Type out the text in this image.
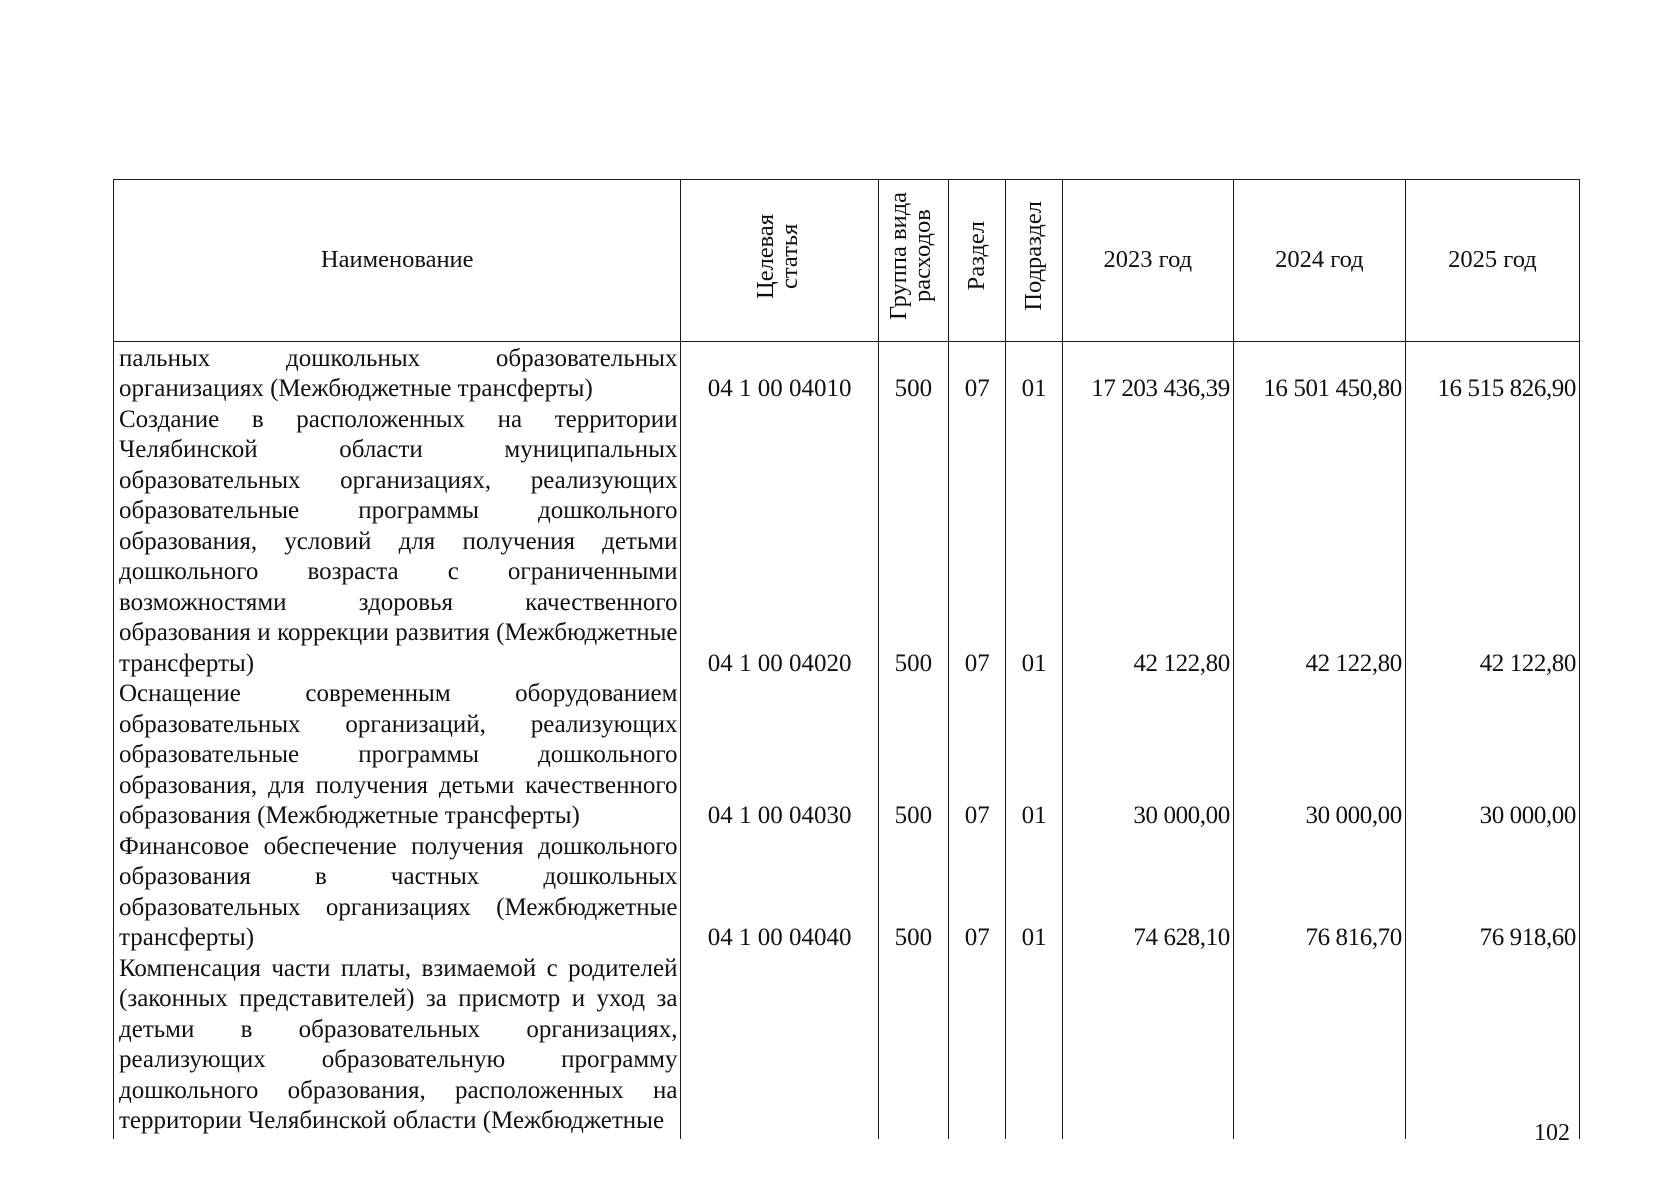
Наименование	Целевая статья	Группа вида расходов	Раздел	Подраздел	2023 год	2024 год	2025 год
пальных дошкольных образовательных организациях (Межбюджетные трансферты)	04 1 00 04010	500	07	01	17 203 436,39	16 501 450,80	16 515 826,90
Создание в расположенных на территории Челябинской области муниципальных образовательных организациях, реализующих образовательные программы дошкольного образования, условий для получения детьми дошкольного возраста с ограниченными возможностями здоровья качественного образования и коррекции развития (Межбюджетные трансферты)	04 1 00 04020	500	07	01	42 122,80	42 122,80	42 122,80
Оснащение современным оборудованием образовательных организаций, реализующих образовательные программы дошкольного образования, для получения детьми качественного образования (Межбюджетные трансферты)	04 1 00 04030	500	07	01	30 000,00	30 000,00	30 000,00
Финансовое обеспечение получения дошкольного образования в частных дошкольных образовательных организациях (Межбюджетные трансферты)	04 1 00 04040	500	07	01	74 628,10	76 816,70	76 918,60
Компенсация части платы, взимаемой с родителей (законных представителей) за присмотр и уход за детьми в образовательных организациях, реализующих образовательную программу дошкольного образования, расположенных на территории Челябинской области (Межбюджетные								102
